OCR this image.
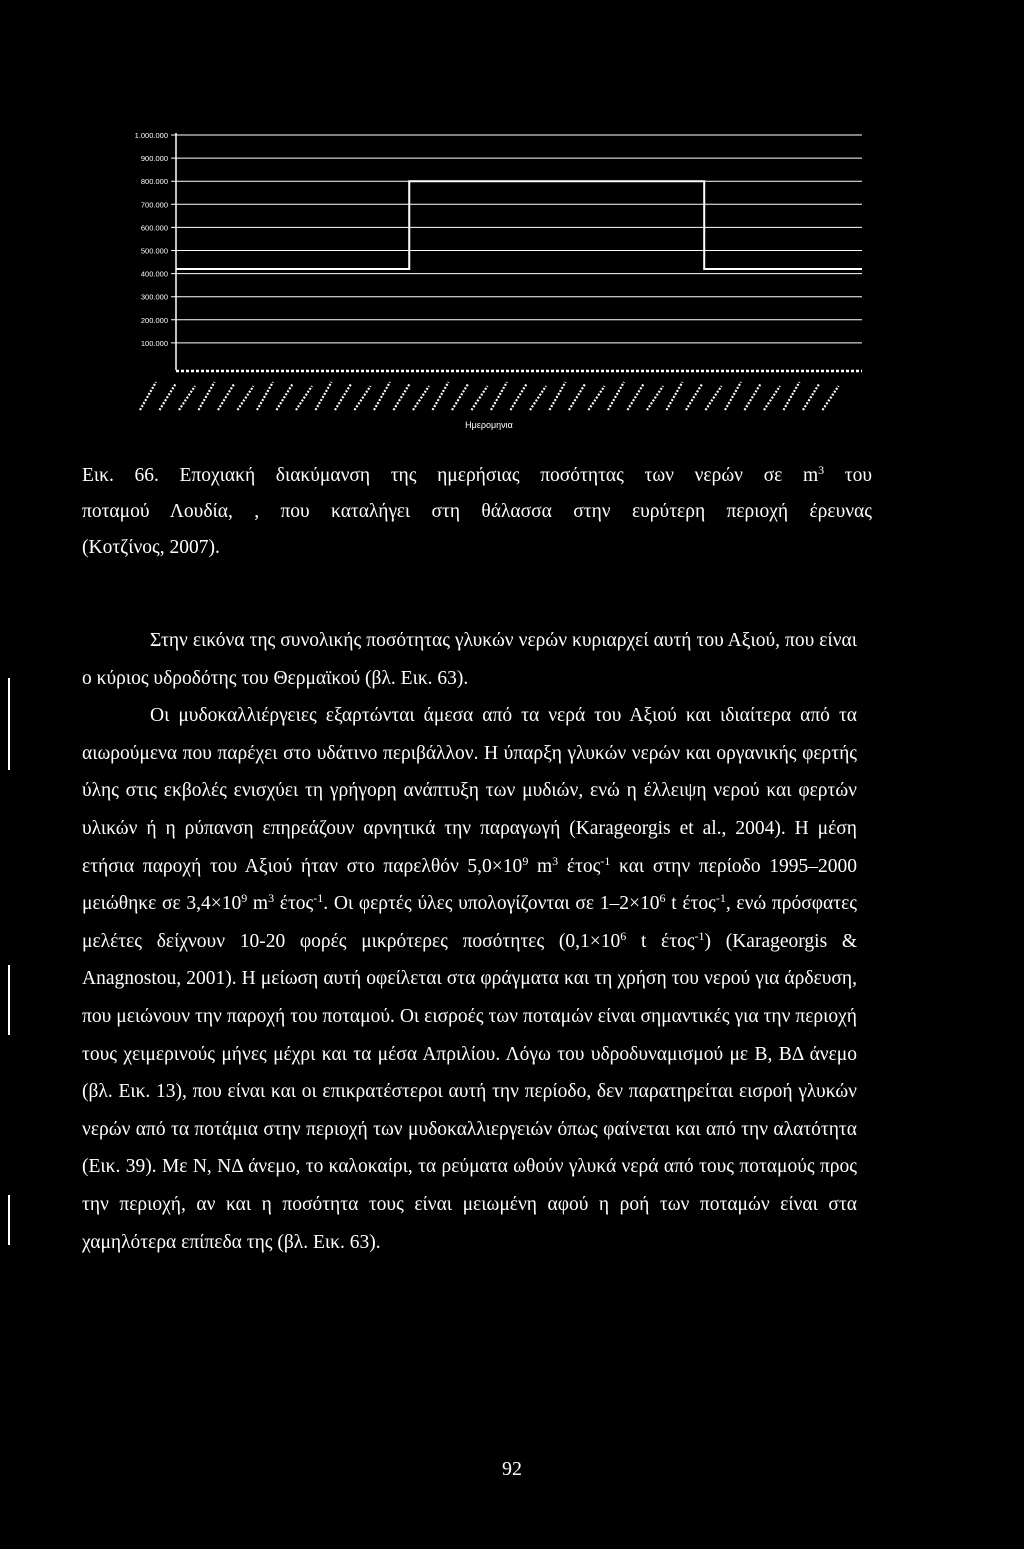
1.000.000
900.000
800.000
700.000
600.000
500.000
400.000
300.000
200.000
100.000
Ημερομηνια
Εικ. 66. Εποχιακή διακύμανση της ημερήσιας ποσότητας των νερών σε $m^3$ του
ποταμού Λουδία, , που καταλήγει στη θάλασσα στην ευρύτερη περιοχή έρευνας
(Κοτζίνος, 2007).

Στην εικόνα της συνολικής ποσότητας γλυκών νερών κυριαρχεί αυτή του Αξιού, που είναι ο κύριος υδροδότης του Θερμαϊκού (βλ. Εικ. 63).

Οι μυδοκαλλιέργειες εξαρτώνται άμεσα από τα νερά του Αξιού και ιδιαίτερα από τα αιωρούμενα που παρέχει στο υδάτινο περιβάλλον. Η ύπαρξη γλυκών νερών και οργανικής φερτής ύλης στις εκβολές ενισχύει τη γρήγορη ανάπτυξη των μυδιών, ενώ η έλλειψη νερού και φερτών υλικών ή η ρύπανση επηρεάζουν αρνητικά την παραγωγή (Karageorgis et al., 2004). Η μέση ετήσια παροχή του Αξιού ήταν στο παρελθόν $5,0\times 10^9$ $m^3$ έτος$^{-1}$ και στην περίοδο 1995–2000 μειώθηκε σε $3,4\times 10^9$ $m^3$ έτος$^{-1}$. Οι φερτές ύλες υπολογίζονται σε $1-2\times 10^6$ t έτος$^{-1}$, ενώ πρόσφατες μελέτες δείχνουν 10-20 φορές μικρότερες ποσότητες ($0,1\times 10^6$ t έτος$^{-1}$) (Karageorgis & Anagnostou, 2001). Η μείωση αυτή οφείλεται στα φράγματα και τη χρήση του νερού για άρδευση, που μειώνουν την παροχή του ποταμού. Οι εισροές των ποταμών είναι σημαντικές για την περιοχή τους χειμερινούς μήνες μέχρι και τα μέσα Απριλίου. Λόγω του υδροδυναμισμού με Β, ΒΔ άνεμο (βλ. Εικ. 13), που είναι και οι επικρατέστεροι αυτή την περίοδο, δεν παρατηρείται εισροή γλυκών νερών από τα ποτάμια στην περιοχή των μυδοκαλλιεργειών όπως φαίνεται και από την αλατότητα (Εικ. 39). Με Ν, ΝΔ άνεμο, το καλοκαίρι, τα ρεύματα ωθούν γλυκά νερά από τους ποταμούς προς την περιοχή, αν και η ποσότητα τους είναι μειωμένη αφού η ροή των ποταμών είναι στα χαμηλότερα επίπεδα της (βλ. Εικ. 63).

92
